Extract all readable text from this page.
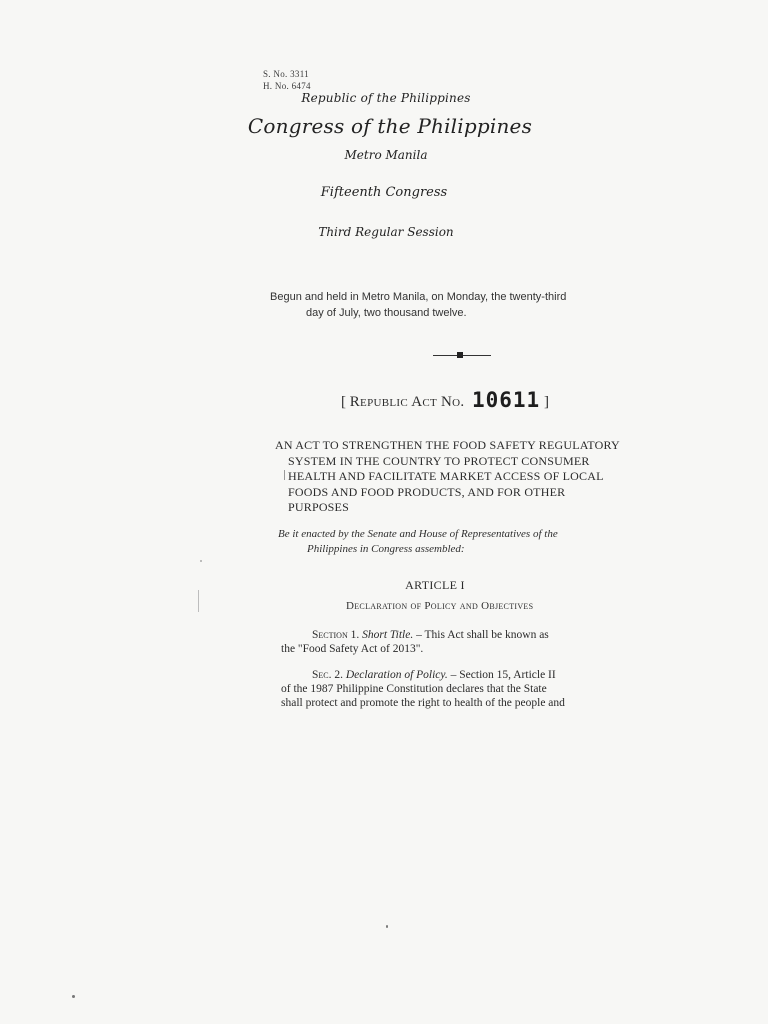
S. No. 3311
H. No. 6474
Republic of the Philippines
Congress of the Philippines
Metro Manila
Fifteenth Congress
Third Regular Session
Begun and held in Metro Manila, on Monday, the twenty-third
day of July, two thousand twelve.
[ Republic Act No. 10611 ]
AN ACT TO STRENGTHEN THE FOOD SAFETY REGULATORY
SYSTEM IN THE COUNTRY TO PROTECT CONSUMER
HEALTH AND FACILITATE MARKET ACCESS OF LOCAL
FOODS AND FOOD PRODUCTS, AND FOR OTHER
PURPOSES
Be it enacted by the Senate and House of Representatives of the
Philippines in Congress assembled:
ARTICLE I
Declaration of Policy and Objectives
Section 1. Short Title. – This Act shall be known as
the "Food Safety Act of 2013".
Sec. 2. Declaration of Policy. – Section 15, Article II
of the 1987 Philippine Constitution declares that the State
shall protect and promote the right to health of the people and
